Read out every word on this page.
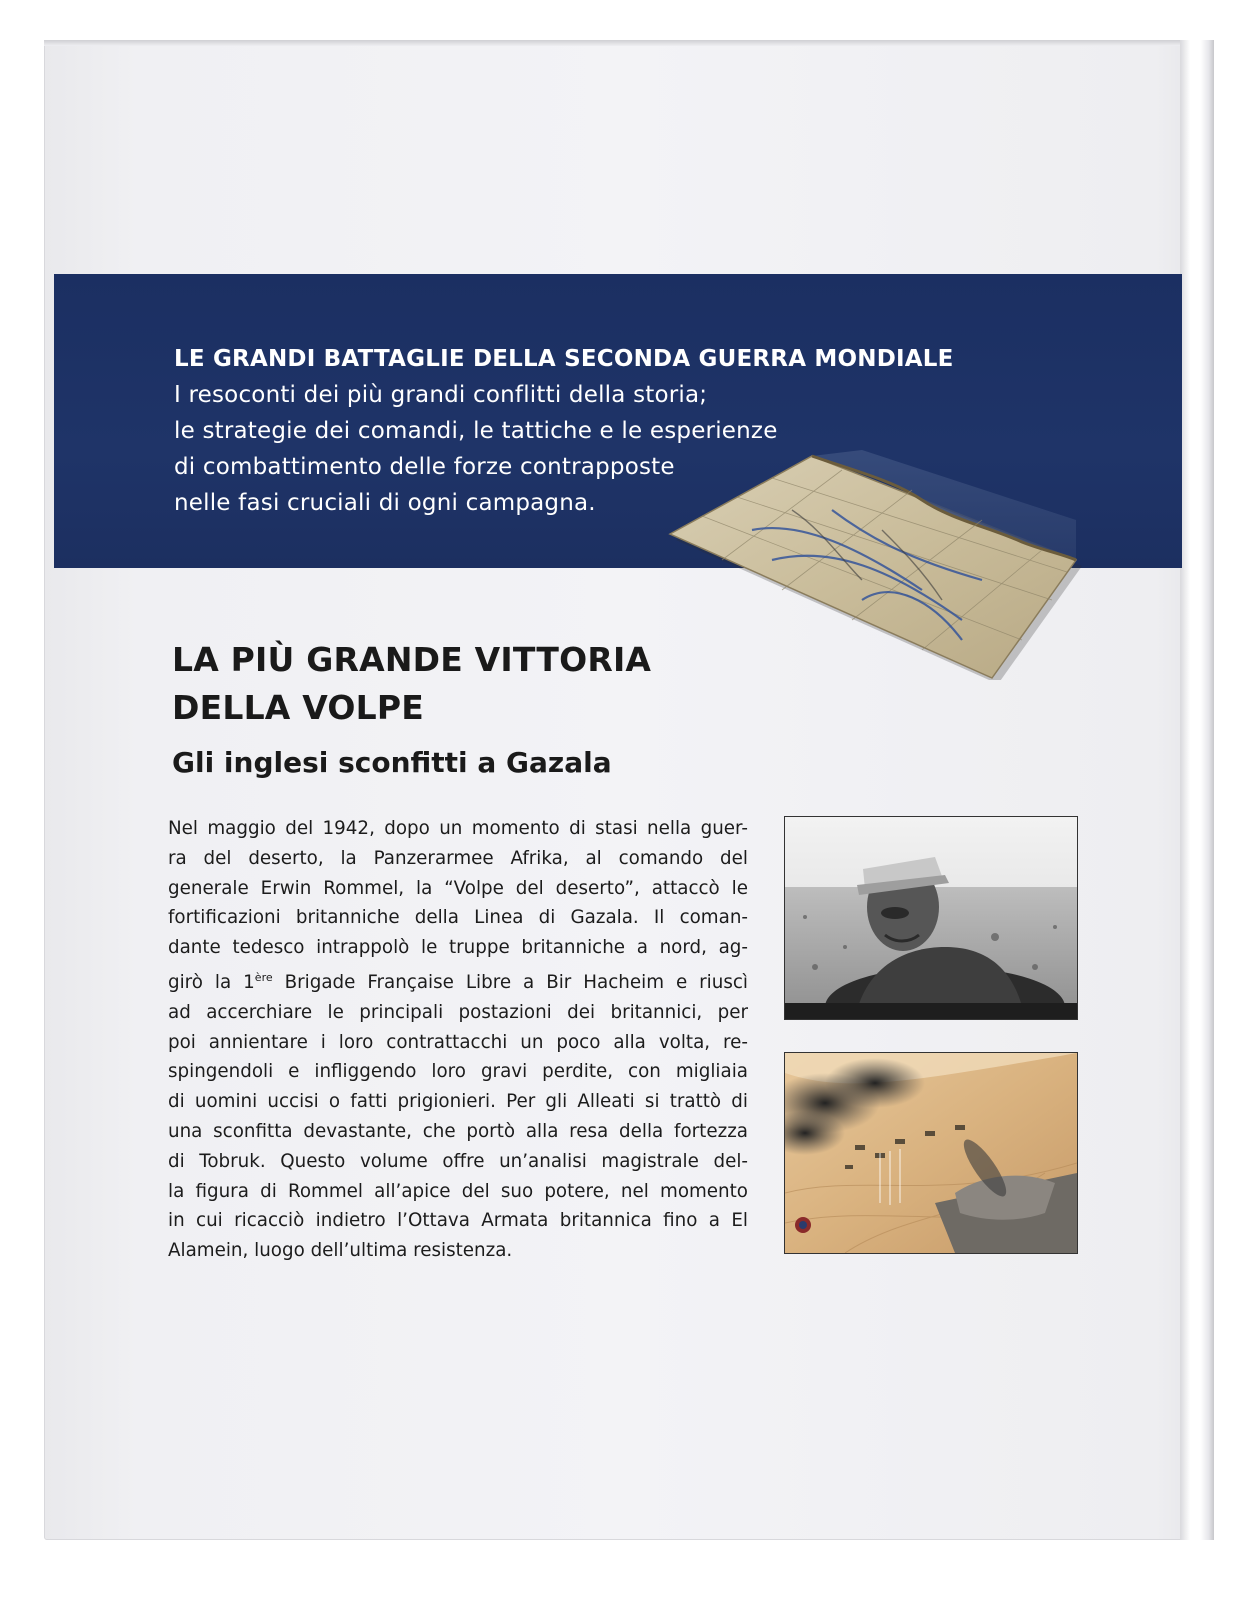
LE GRANDI BATTAGLIE DELLA SECONDA GUERRA MONDIALE
I resoconti dei più grandi conflitti della storia;
le strategie dei comandi, le tattiche e le esperienze
di combattimento delle forze contrapposte
nelle fasi cruciali di ogni campagna.
LA PIÙ GRANDE VITTORIA
DELLA VOLPE
Gli inglesi sconfitti a Gazala
Nel maggio del 1942, dopo un momento di stasi nella guer-
ra del deserto, la Panzerarmee Afrika, al comando del
generale Erwin Rommel, la “Volpe del deserto”, attaccò le
fortificazioni britanniche della Linea di Gazala. Il coman-
dante tedesco intrappolò le truppe britanniche a nord, ag-
girò la 1ère Brigade Française Libre a Bir Hacheim e riuscì
ad accerchiare le principali postazioni dei britannici, per
poi annientare i loro contrattacchi un poco alla volta, re-
spingendoli e infliggendo loro gravi perdite, con migliaia
di uomini uccisi o fatti prigionieri. Per gli Alleati si trattò di
una sconfitta devastante, che portò alla resa della fortezza
di Tobruk. Questo volume offre un’analisi magistrale del-
la figura di Rommel all’apice del suo potere, nel momento
in cui ricacciò indietro l’Ottava Armata britannica fino a El
Alamein, luogo dell’ultima resistenza.
